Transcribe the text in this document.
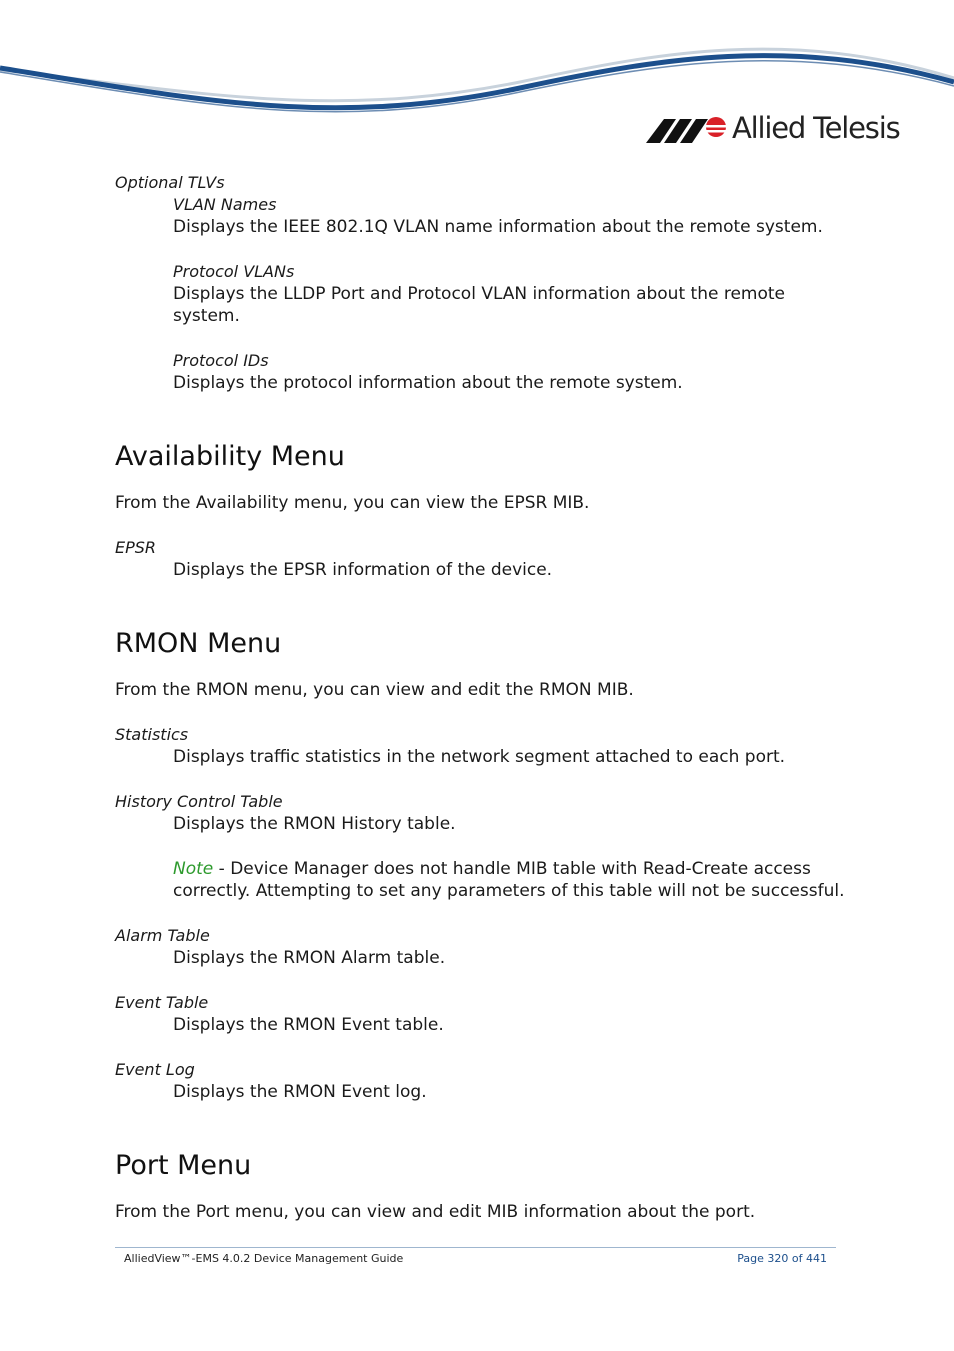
Allied Telesis

Optional TLVs

VLAN Names

Displays the IEEE 802.1Q VLAN name information about the remote system.

Protocol VLANs

Displays the LLDP Port and Protocol VLAN information about the remote system.

Protocol IDs

Displays the protocol information about the remote system.

Availability Menu

From the Availability menu, you can view the EPSR MIB.

EPSR

Displays the EPSR information of the device.

RMON Menu

From the RMON menu, you can view and edit the RMON MIB.

Statistics

Displays traffic statistics in the network segment attached to each port.

History Control Table

Displays the RMON History table.

Note - Device Manager does not handle MIB table with Read-Create access

correctly. Attempting to set any parameters of this table will not be successful.

Alarm Table

Displays the RMON Alarm table.

Event Table

Displays the RMON Event table.

Event Log

Displays the RMON Event log.

Port Menu

From the Port menu, you can view and edit MIB information about the port.

AlliedView™-EMS 4.0.2 Device Management Guide	Page 320 of 441
